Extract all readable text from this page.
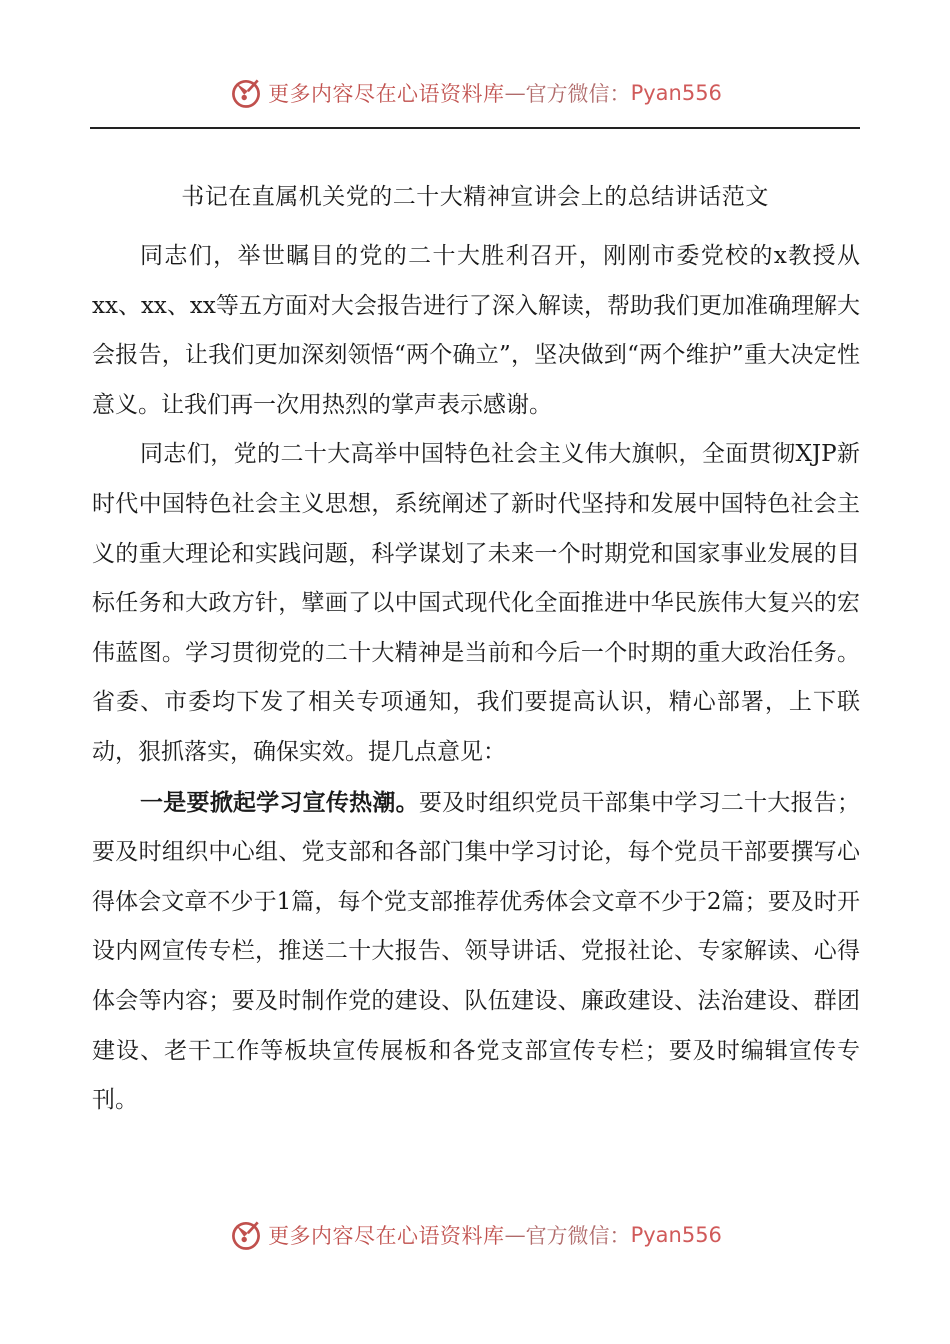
更多内容尽在心语资料库 — 官方微信： Pyan556
书记在直属机关党的二十大精神宣讲会上的总结讲话范文

同志们，举世瞩目的党的二十大胜利召开，刚刚市委党校的x教授从xx、xx、xx等五方面对大会报告进行了深入解读，帮助我们更加准确理解大会报告，让我们更加深刻领悟“两个确立”，坚决做到“两个维护”重大决定性意义。让我们再一次用热烈的掌声表示感谢。

同志们，党的二十大高举中国特色社会主义伟大旗帜，全面贯彻XJP新时代中国特色社会主义思想，系统阐述了新时代坚持和发展中国特色社会主义的重大理论和实践问题，科学谋划了未来一个时期党和国家事业发展的目标任务和大政方针，擘画了以中国式现代化全面推进中华民族伟大复兴的宏伟蓝图。学习贯彻党的二十大精神是当前和今后一个时期的重大政治任务。省委、市委均下发了相关专项通知，我们要提高认识，精心部署，上下联动，狠抓落实，确保实效。提几点意见：

一是要掀起学习宣传热潮。要及时组织党员干部集中学习二十大报告；要及时组织中心组、党支部和各部门集中学习讨论，每个党员干部要撰写心得体会文章不少于1篇，每个党支部推荐优秀体会文章不少于2篇；要及时开设内网宣传专栏，推送二十大报告、领导讲话、党报社论、专家解读、心得体会等内容；要及时制作党的建设、队伍建设、廉政建设、法治建设、群团建设、老干工作等板块宣传展板和各党支部宣传专栏；要及时编辑宣传专刊。

更多内容尽在心语资料库 — 官方微信： Pyan556
